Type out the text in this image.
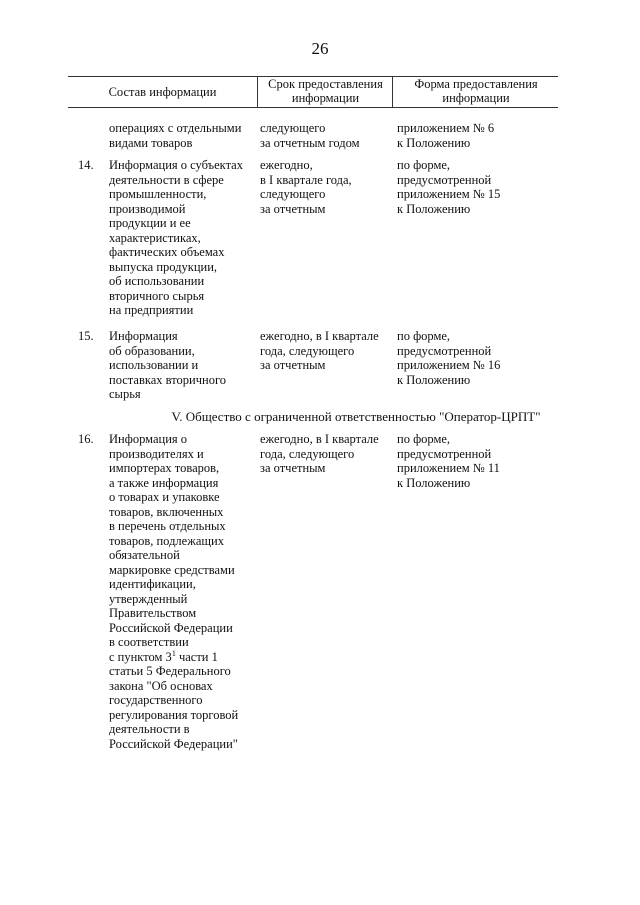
26
Состав информации
Срок предоставления
информации
Форма предоставления
информации
операциях с отдельными
видами товаров
следующего
за отчетным годом
приложением № 6
к Положению
14. Информация о субъектах
деятельности в сфере
промышленности,
производимой
продукции и ее
характеристиках,
фактических объемах
выпуска продукции,
об использовании
вторичного сырья
на предприятии
ежегодно,
в I квартале года,
следующего
за отчетным
по форме,
предусмотренной
приложением № 15
к Положению
15. Информация
об образовании,
использовании и
поставках вторичного
сырья
ежегодно, в I квартале
года, следующего
за отчетным
по форме,
предусмотренной
приложением № 16
к Положению
V. Общество с ограниченной ответственностью "Оператор-ЦРПТ"
16. Информация о
производителях и
импортерах товаров,
а также информация
о товарах и упаковке
товаров, включенных
в перечень отдельных
товаров, подлежащих
обязательной
маркировке средствами
идентификации,
утвержденный
Правительством
Российской Федерации
в соответствии
с пунктом $3^1$ части 1
статьи 5 Федерального
закона "Об основах
государственного
регулирования торговой
деятельности в
Российской Федерации"
ежегодно, в I квартале
года, следующего
за отчетным
по форме,
предусмотренной
приложением № 11
к Положению
